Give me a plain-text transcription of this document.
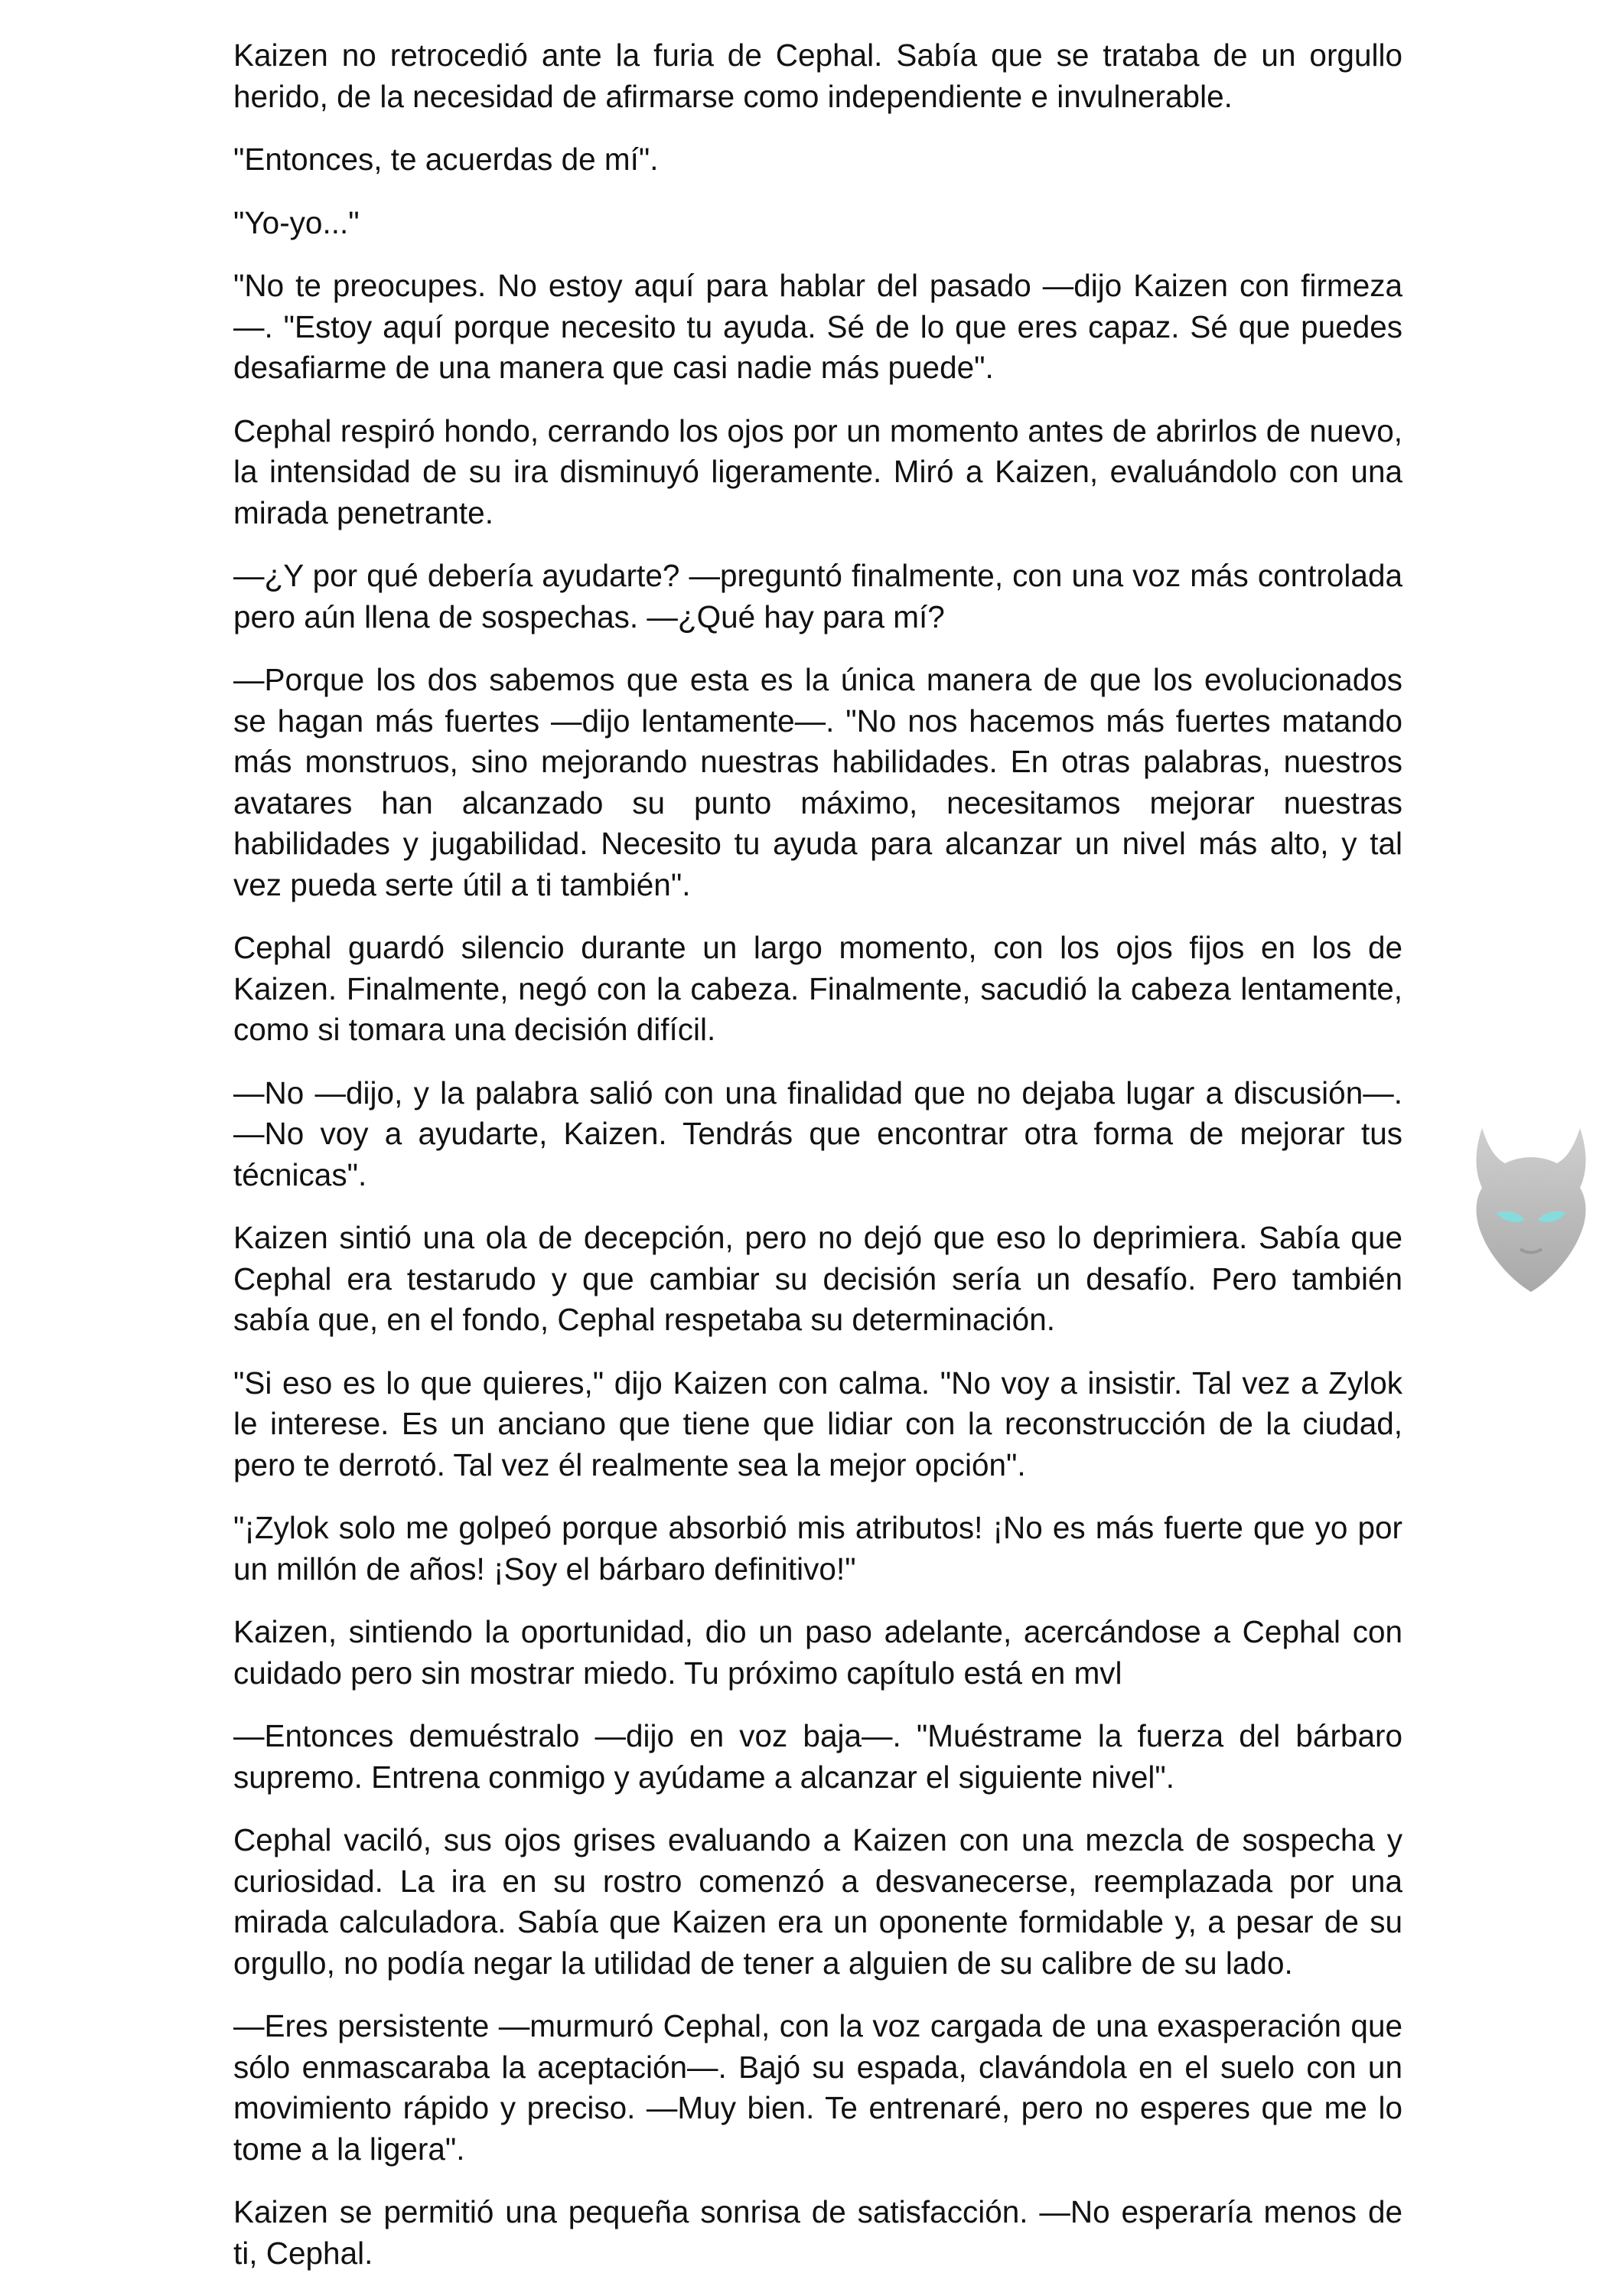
Kaizen no retrocedió ante la furia de Cephal. Sabía que se trataba de un orgullo herido, de la necesidad de afirmarse como independiente e invulnerable.

"Entonces, te acuerdas de mí".

"Yo-yo..."

"No te preocupes. No estoy aquí para hablar del pasado —dijo Kaizen con firmeza—. "Estoy aquí porque necesito tu ayuda. Sé de lo que eres capaz. Sé que puedes desafiarme de una manera que casi nadie más puede".

Cephal respiró hondo, cerrando los ojos por un momento antes de abrirlos de nuevo, la intensidad de su ira disminuyó ligeramente. Miró a Kaizen, evaluándolo con una mirada penetrante.

—¿Y por qué debería ayudarte? —preguntó finalmente, con una voz más controlada pero aún llena de sospechas. —¿Qué hay para mí?

—Porque los dos sabemos que esta es la única manera de que los evolucionados se hagan más fuertes —dijo lentamente—. "No nos hacemos más fuertes matando más monstruos, sino mejorando nuestras habilidades. En otras palabras, nuestros avatares han alcanzado su punto máximo, necesitamos mejorar nuestras habilidades y jugabilidad. Necesito tu ayuda para alcanzar un nivel más alto, y tal vez pueda serte útil a ti también".

Cephal guardó silencio durante un largo momento, con los ojos fijos en los de Kaizen. Finalmente, negó con la cabeza. Finalmente, sacudió la cabeza lentamente, como si tomara una decisión difícil.

—No —dijo, y la palabra salió con una finalidad que no dejaba lugar a discusión—. —No voy a ayudarte, Kaizen. Tendrás que encontrar otra forma de mejorar tus técnicas".

Kaizen sintió una ola de decepción, pero no dejó que eso lo deprimiera. Sabía que Cephal era testarudo y que cambiar su decisión sería un desafío. Pero también sabía que, en el fondo, Cephal respetaba su determinación.

"Si eso es lo que quieres," dijo Kaizen con calma. "No voy a insistir. Tal vez a Zylok le interese. Es un anciano que tiene que lidiar con la reconstrucción de la ciudad, pero te derrotó. Tal vez él realmente sea la mejor opción".

"¡Zylok solo me golpeó porque absorbió mis atributos! ¡No es más fuerte que yo por un millón de años! ¡Soy el bárbaro definitivo!"

Kaizen, sintiendo la oportunidad, dio un paso adelante, acercándose a Cephal con cuidado pero sin mostrar miedo. Tu próximo capítulo está en mvl

—Entonces demuéstralo —dijo en voz baja—. "Muéstrame la fuerza del bárbaro supremo. Entrena conmigo y ayúdame a alcanzar el siguiente nivel".

Cephal vaciló, sus ojos grises evaluando a Kaizen con una mezcla de sospecha y curiosidad. La ira en su rostro comenzó a desvanecerse, reemplazada por una mirada calculadora. Sabía que Kaizen era un oponente formidable y, a pesar de su orgullo, no podía negar la utilidad de tener a alguien de su calibre de su lado.

—Eres persistente —murmuró Cephal, con la voz cargada de una exasperación que sólo enmascaraba la aceptación—. Bajó su espada, clavándola en el suelo con un movimiento rápido y preciso. —Muy bien. Te entrenaré, pero no esperes que me lo tome a la ligera".

Kaizen se permitió una pequeña sonrisa de satisfacción. —No esperaría menos de ti, Cephal.
